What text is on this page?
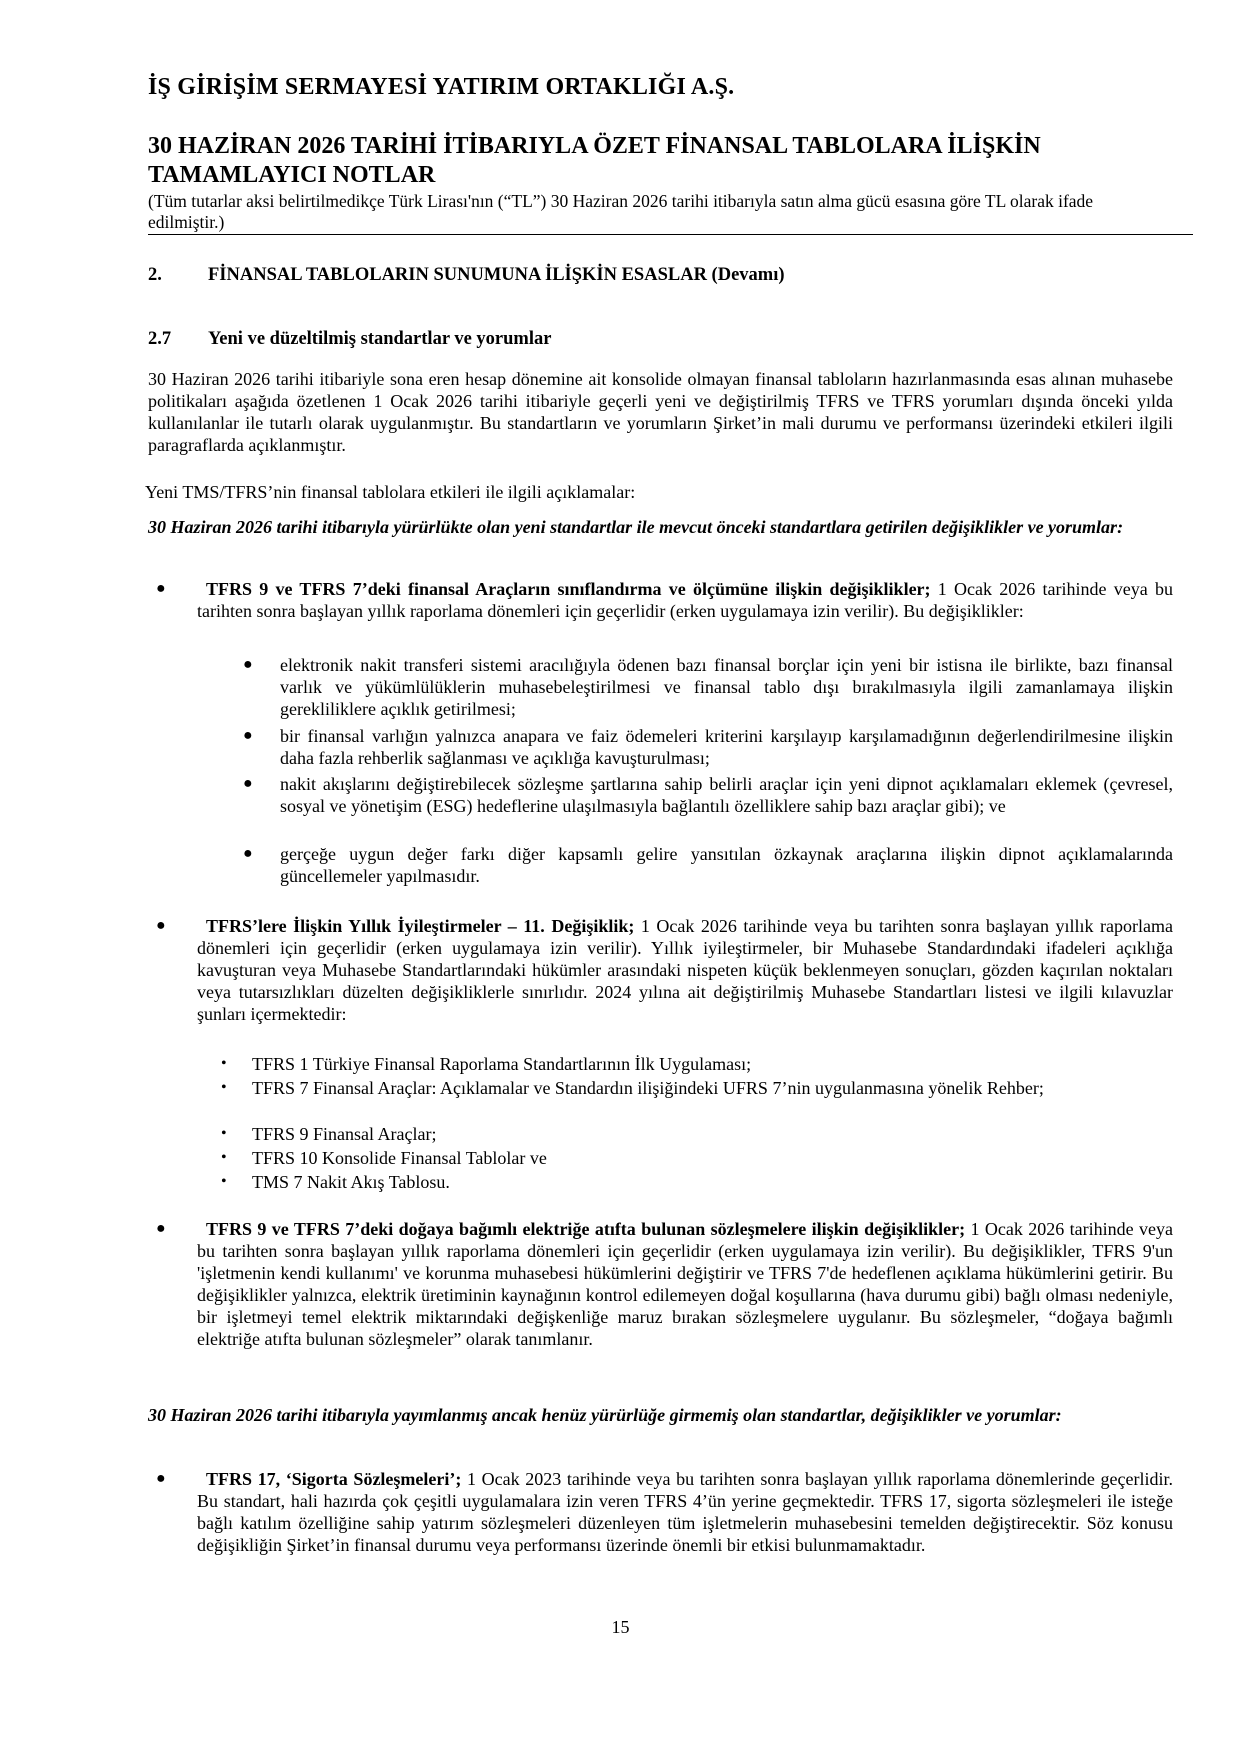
İŞ GİRİŞİM SERMAYESİ YATIRIM ORTAKLIĞI A.Ş.
30 HAZİRAN 2026 TARİHİ İTİBARIYLA ÖZET FİNANSAL TABLOLARA İLİŞKİN TAMAMLAYICI NOTLAR
(Tüm tutarlar aksi belirtilmedikçe Türk Lirası'nın (“TL”) 30 Haziran 2026 tarihi itibarıyla satın alma gücü esasına göre TL olarak ifade edilmiştir.)
2. FİNANSAL TABLOLARIN SUNUMUNA İLİŞKİN ESASLAR (Devamı)
2.7 Yeni ve düzeltilmiş standartlar ve yorumlar
30 Haziran 2026 tarihi itibariyle sona eren hesap dönemine ait konsolide olmayan finansal tabloların hazırlanmasında esas alınan muhasebe politikaları aşağıda özetlenen 1 Ocak 2026 tarihi itibariyle geçerli yeni ve değiştirilmiş TFRS ve TFRS yorumları dışında önceki yılda kullanılanlar ile tutarlı olarak uygulanmıştır. Bu standartların ve yorumların Şirket’in mali durumu ve performansı üzerindeki etkileri ilgili paragraflarda açıklanmıştır.
Yeni TMS/TFRS’nin finansal tablolara etkileri ile ilgili açıklamalar:
30 Haziran 2026 tarihi itibarıyla yürürlükte olan yeni standartlar ile mevcut önceki standartlara getirilen değişiklikler ve yorumlar:
●	TFRS 9 ve TFRS 7’deki finansal Araçların sınıflandırma ve ölçümüne ilişkin değişiklikler; 1 Ocak 2026 tarihinde veya bu tarihten sonra başlayan yıllık raporlama dönemleri için geçerlidir (erken uygulamaya izin verilir). Bu değişiklikler:
● elektronik nakit transferi sistemi aracılığıyla ödenen bazı finansal borçlar için yeni bir istisna ile birlikte, bazı finansal varlık ve yükümlülüklerin muhasebeleştirilmesi ve finansal tablo dışı bırakılmasıyla ilgili zamanlamaya ilişkin gerekliliklere açıklık getirilmesi;
● bir finansal varlığın yalnızca anapara ve faiz ödemeleri kriterini karşılayıp karşılamadığının değerlendirilmesine ilişkin daha fazla rehberlik sağlanması ve açıklığa kavuşturulması;
● nakit akışlarını değiştirebilecek sözleşme şartlarına sahip belirli araçlar için yeni dipnot açıklamaları eklemek (çevresel, sosyal ve yönetişim (ESG) hedeflerine ulaşılmasıyla bağlantılı özelliklere sahip bazı araçlar gibi); ve
● gerçeğe uygun değer farkı diğer kapsamlı gelire yansıtılan özkaynak araçlarına ilişkin dipnot açıklamalarında güncellemeler yapılmasıdır.
●	TFRS’lere İlişkin Yıllık İyileştirmeler – 11. Değişiklik; 1 Ocak 2026 tarihinde veya bu tarihten sonra başlayan yıllık raporlama dönemleri için geçerlidir (erken uygulamaya izin verilir). Yıllık iyileştirmeler, bir Muhasebe Standardındaki ifadeleri açıklığa kavuşturan veya Muhasebe Standartlarındaki hükümler arasındaki nispeten küçük beklenmeyen sonuçları, gözden kaçırılan noktaları veya tutarsızlıkları düzelten değişikliklerle sınırlıdır. 2024 yılına ait değiştirilmiş Muhasebe Standartları listesi ve ilgili kılavuzlar şunları içermektedir:
• TFRS 1 Türkiye Finansal Raporlama Standartlarının İlk Uygulaması;
• TFRS 7 Finansal Araçlar: Açıklamalar ve Standardın ilişiğindeki UFRS 7’nin uygulanmasına yönelik Rehber;
• TFRS 9 Finansal Araçlar;
• TFRS 10 Konsolide Finansal Tablolar ve
• TMS 7 Nakit Akış Tablosu.
●	TFRS 9 ve TFRS 7’deki doğaya bağımlı elektriğe atıfta bulunan sözleşmelere ilişkin değişiklikler; 1 Ocak 2026 tarihinde veya bu tarihten sonra başlayan yıllık raporlama dönemleri için geçerlidir (erken uygulamaya izin verilir). Bu değişiklikler, TFRS 9'un 'işletmenin kendi kullanımı' ve korunma muhasebesi hükümlerini değiştirir ve TFRS 7'de hedeflenen açıklama hükümlerini getirir. Bu değişiklikler yalnızca, elektrik üretiminin kaynağının kontrol edilemeyen doğal koşullarına (hava durumu gibi) bağlı olması nedeniyle, bir işletmeyi temel elektrik miktarındaki değişkenliğe maruz bırakan sözleşmelere uygulanır. Bu sözleşmeler, “doğaya bağımlı elektriğe atıfta bulunan sözleşmeler” olarak tanımlanır.
30 Haziran 2026 tarihi itibarıyla yayımlanmış ancak henüz yürürlüğe girmemiş olan standartlar, değişiklikler ve yorumlar:
●	TFRS 17, ‘Sigorta Sözleşmeleri’; 1 Ocak 2023 tarihinde veya bu tarihten sonra başlayan yıllık raporlama dönemlerinde geçerlidir. Bu standart, hali hazırda çok çeşitli uygulamalara izin veren TFRS 4’ün yerine geçmektedir. TFRS 17, sigorta sözleşmeleri ile isteğe bağlı katılım özelliğine sahip yatırım sözleşmeleri düzenleyen tüm işletmelerin muhasebesini temelden değiştirecektir. Söz konusu değişikliğin Şirket’in finansal durumu veya performansı üzerinde önemli bir etkisi bulunmamaktadır.
15
